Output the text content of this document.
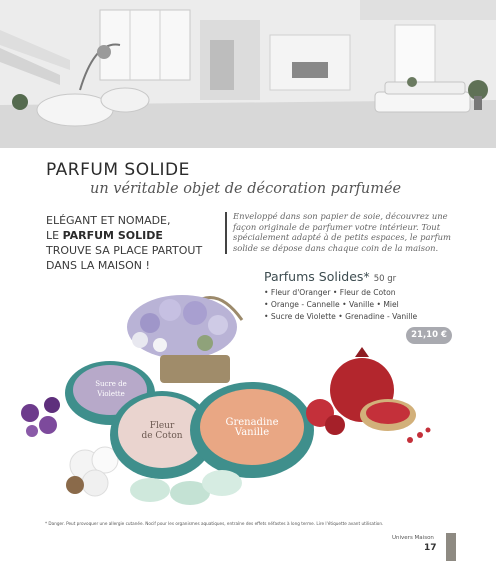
PARFUM SOLIDE
un véritable objet de décoration parfumée
ELÉGANT ET NOMADE,
LE PARFUM SOLIDE
TROUVE SA PLACE PARTOUT DANS LA MAISON !
Enveloppé dans son papier de soie, découvrez une façon originale de parfumer votre intérieur. Tout spécialement adapté à de petits espaces, le parfum solide se dépose dans chaque coin de la maison.
Parfums Solides* 50 gr
• Fleur d'Oranger • Fleur de Coton
• Orange - Cannelle • Vanille • Miel
• Sucre de Violette • Grenadine - Vanille
21,10 €
Sucre de Violette
Fleur
de Coton
Grenadine
Vanille
* Danger. Peut provoquer une allergie cutanée. Nocif pour les organismes aquatiques, entraîne des effets néfastes à long terme. Lire l'étiquette avant utilisation.
Univers Maison
17
